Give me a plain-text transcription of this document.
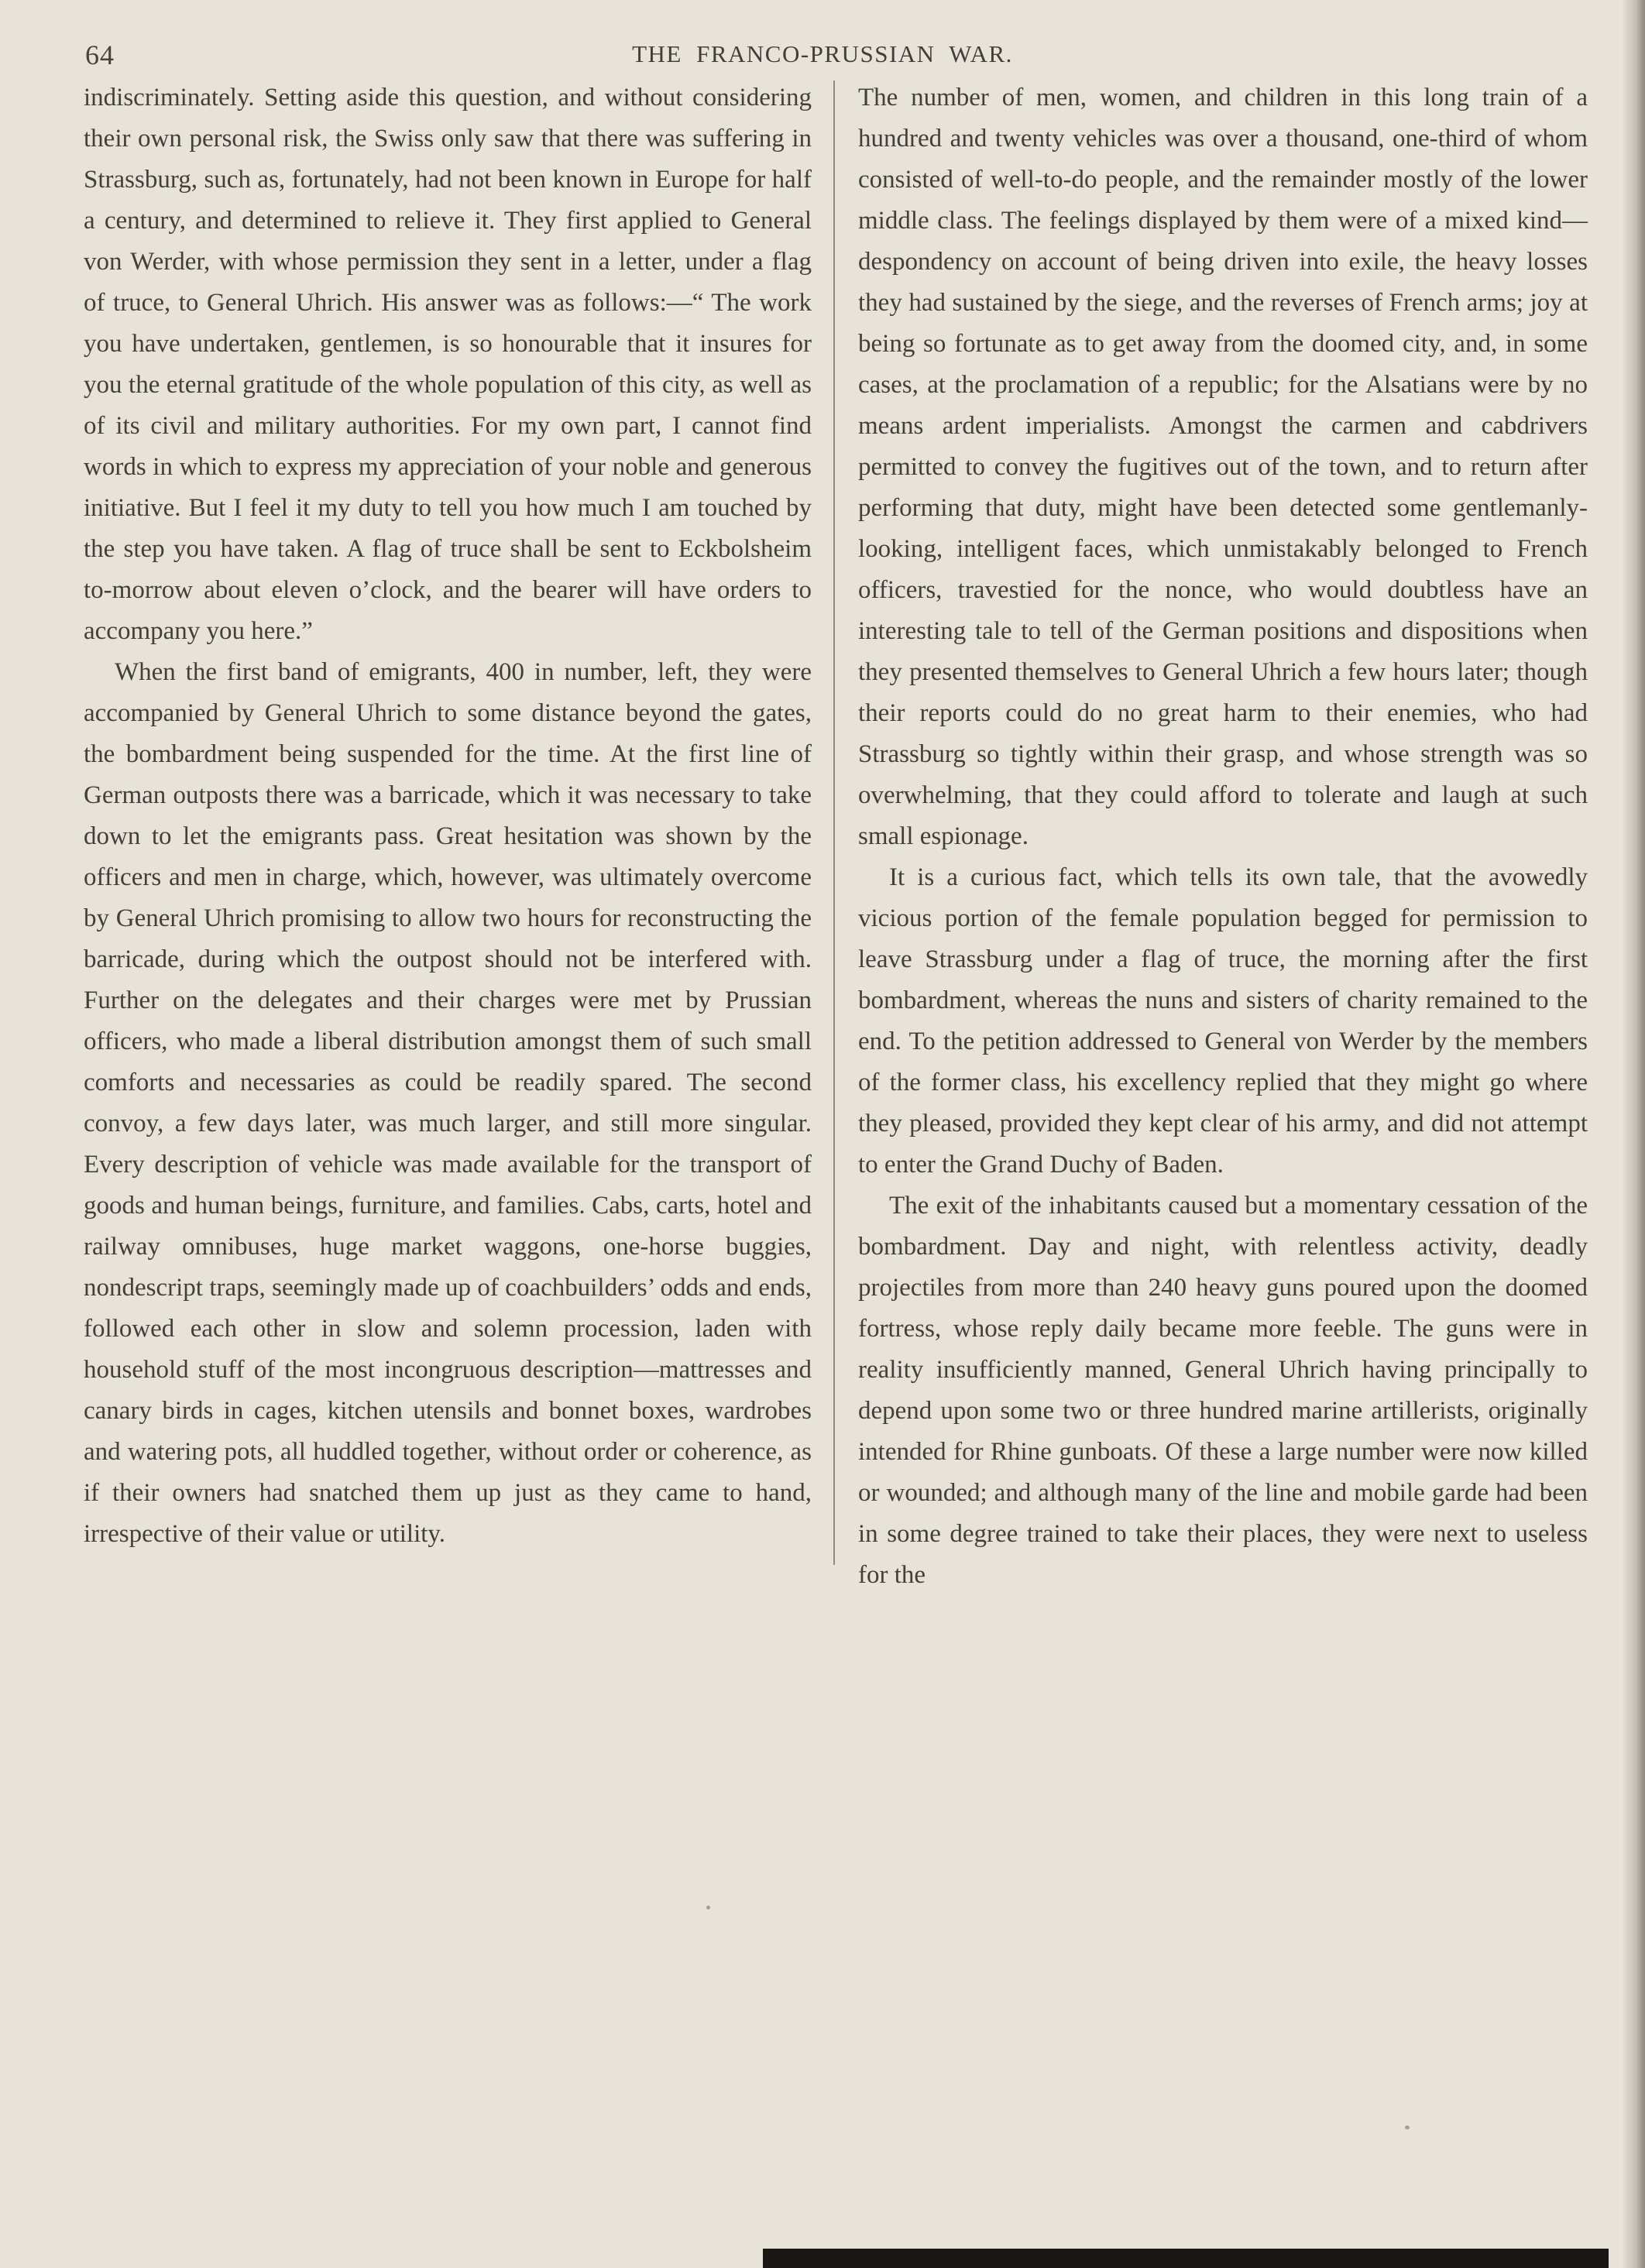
64	THE FRANCO-PRUSSIAN WAR.

indiscriminately. Setting aside this question, and without considering their own personal risk, the Swiss only saw that there was suffering in Strassburg, such as, fortunately, had not been known in Europe for half a century, and determined to relieve it. They first applied to General von Werder, with whose permission they sent in a letter, under a flag of truce, to General Uhrich. His answer was as follows:—“ The work you have undertaken, gentlemen, is so honourable that it insures for you the eternal gratitude of the whole population of this city, as well as of its civil and military authorities. For my own part, I cannot find words in which to express my appreciation of your noble and generous initiative. But I feel it my duty to tell you how much I am touched by the step you have taken. A flag of truce shall be sent to Eckbolsheim to-morrow about eleven o’clock, and the bearer will have orders to accompany you here.”

When the first band of emigrants, 400 in number, left, they were accompanied by General Uhrich to some distance beyond the gates, the bombardment being suspended for the time. At the first line of German outposts there was a barricade, which it was necessary to take down to let the emigrants pass. Great hesitation was shown by the officers and men in charge, which, however, was ultimately overcome by General Uhrich promising to allow two hours for reconstructing the barricade, during which the outpost should not be interfered with. Further on the delegates and their charges were met by Prussian officers, who made a liberal distribution amongst them of such small comforts and necessaries as could be readily spared. The second convoy, a few days later, was much larger, and still more singular. Every description of vehicle was made available for the transport of goods and human beings, furniture, and families. Cabs, carts, hotel and railway omnibuses, huge market waggons, one-horse buggies, nondescript traps, seemingly made up of coachbuilders’ odds and ends, followed each other in slow and solemn procession, laden with household stuff of the most incongruous description—mattresses and canary birds in cages, kitchen utensils and bonnet boxes, wardrobes and watering pots, all huddled together, without order or coherence, as if their owners had snatched them up just as they came to hand, irrespective of their value or utility.

The number of men, women, and children in this long train of a hundred and twenty vehicles was over a thousand, one-third of whom consisted of well-to-do people, and the remainder mostly of the lower middle class. The feelings displayed by them were of a mixed kind—despondency on account of being driven into exile, the heavy losses they had sustained by the siege, and the reverses of French arms; joy at being so fortunate as to get away from the doomed city, and, in some cases, at the proclamation of a republic; for the Alsatians were by no means ardent imperialists. Amongst the carmen and cabdrivers permitted to convey the fugitives out of the town, and to return after performing that duty, might have been detected some gentlemanly-looking, intelligent faces, which unmistakably belonged to French officers, travestied for the nonce, who would doubtless have an interesting tale to tell of the German positions and dispositions when they presented themselves to General Uhrich a few hours later; though their reports could do no great harm to their enemies, who had Strassburg so tightly within their grasp, and whose strength was so overwhelming, that they could afford to tolerate and laugh at such small espionage.

It is a curious fact, which tells its own tale, that the avowedly vicious portion of the female population begged for permission to leave Strassburg under a flag of truce, the morning after the first bombardment, whereas the nuns and sisters of charity remained to the end. To the petition addressed to General von Werder by the members of the former class, his excellency replied that they might go where they pleased, provided they kept clear of his army, and did not attempt to enter the Grand Duchy of Baden.

The exit of the inhabitants caused but a momentary cessation of the bombardment. Day and night, with relentless activity, deadly projectiles from more than 240 heavy guns poured upon the doomed fortress, whose reply daily became more feeble. The guns were in reality insufficiently manned, General Uhrich having principally to depend upon some two or three hundred marine artillerists, originally intended for Rhine gunboats. Of these a large number were now killed or wounded; and although many of the line and mobile garde had been in some degree trained to take their places, they were next to useless for the
